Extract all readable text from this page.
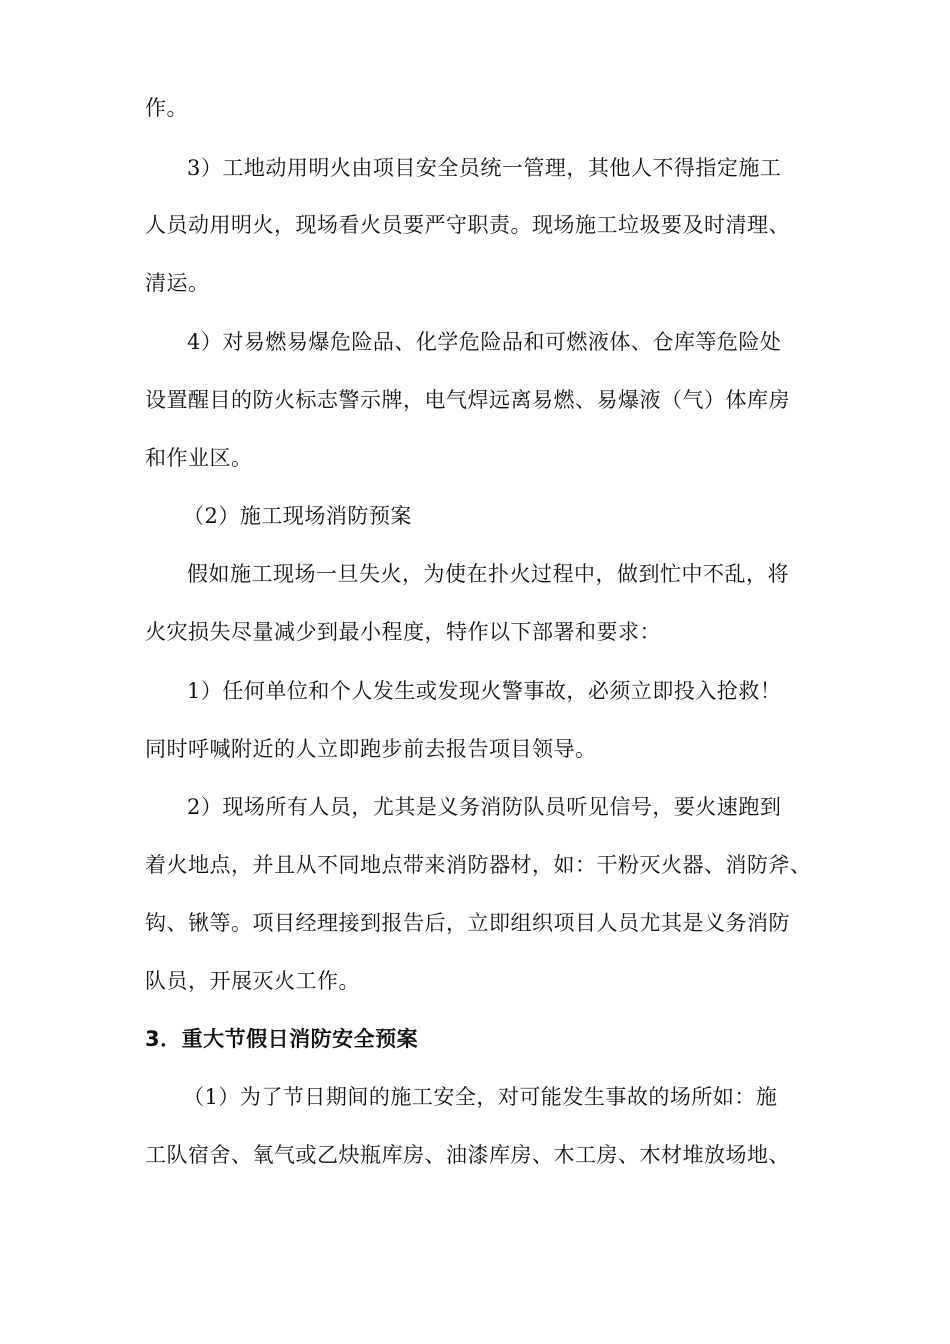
作。
3）工地动用明火由项目安全员统一管理，其他人不得指定施工
人员动用明火，现场看火员要严守职责。现场施工垃圾要及时清理、
清运。
4）对易燃易爆危险品、化学危险品和可燃液体、仓库等危险处
设置醒目的防火标志警示牌，电气焊远离易燃、易爆液（气）体库房
和作业区。
（2）施工现场消防预案
假如施工现场一旦失火，为使在扑火过程中，做到忙中不乱，将
火灾损失尽量减少到最小程度，特作以下部署和要求：
1）任何单位和个人发生或发现火警事故，必须立即投入抢救！
同时呼喊附近的人立即跑步前去报告项目领导。
2）现场所有人员，尤其是义务消防队员听见信号，要火速跑到
着火地点，并且从不同地点带来消防器材，如：干粉灭火器、消防斧、
钩、锹等。项目经理接到报告后，立即组织项目人员尤其是义务消防
队员，开展灭火工作。
3．重大节假日消防安全预案
（1）为了节日期间的施工安全，对可能发生事故的场所如：施
工队宿舍、氧气或乙炔瓶库房、油漆库房、木工房、木材堆放场地、
